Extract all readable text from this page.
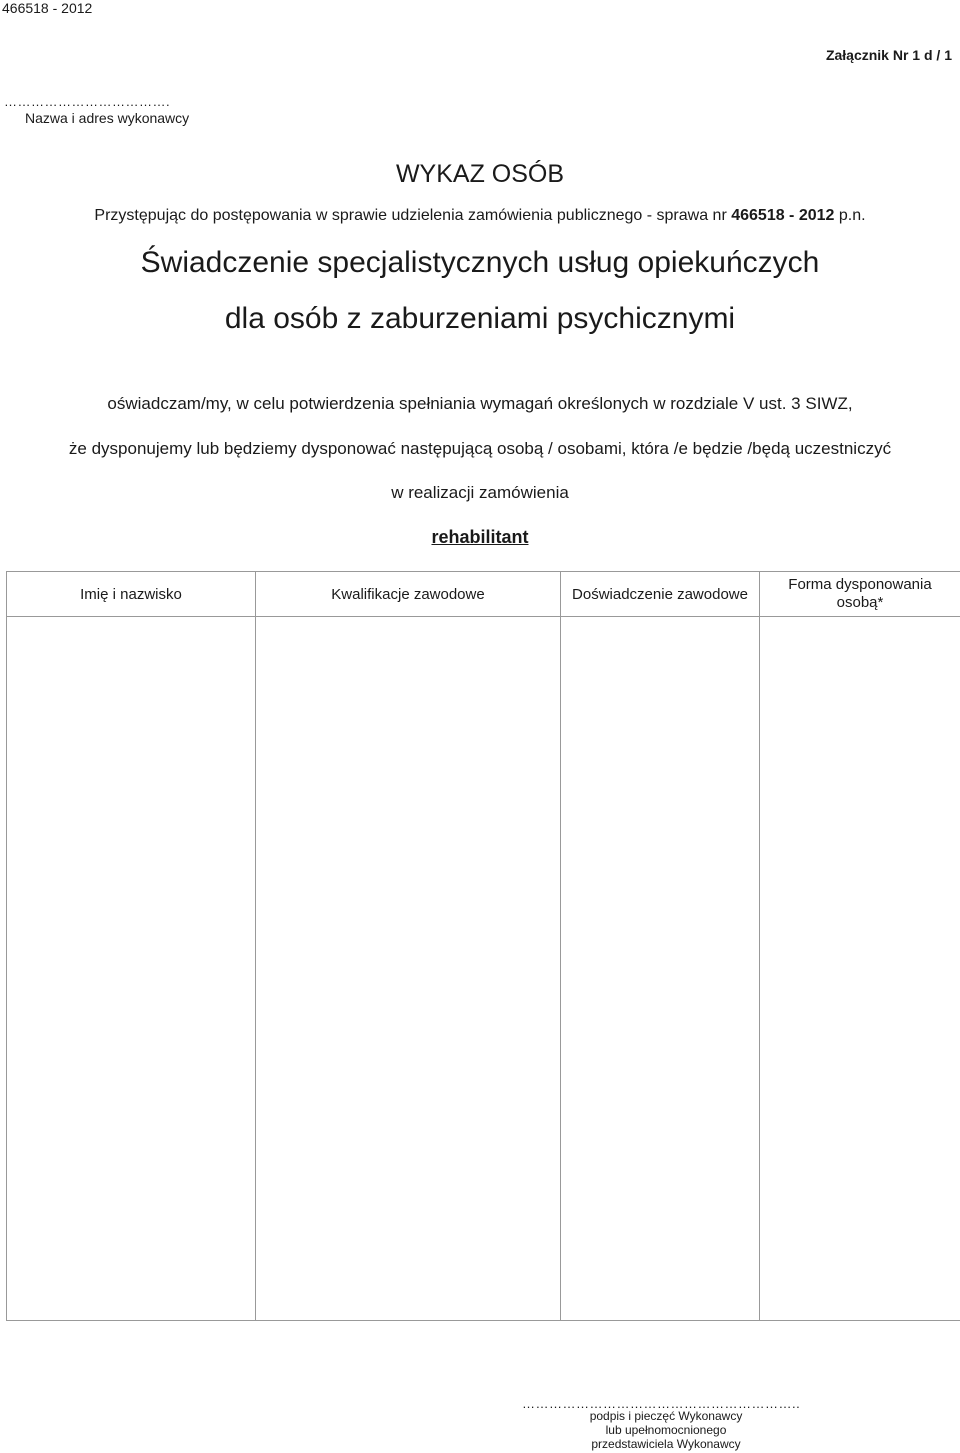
466518 - 2012
Załącznik Nr 1 d / 1
……………………………….
Nazwa i adres wykonawcy
WYKAZ OSÓB
Przystępując do postępowania w sprawie udzielenia zamówienia publicznego - sprawa nr 466518 - 2012 p.n.
Świadczenie specjalistycznych usług opiekuńczych
dla osób z zaburzeniami psychicznymi
oświadczam/my, w celu potwierdzenia spełniania wymagań określonych w rozdziale V ust. 3 SIWZ,
że dysponujemy lub będziemy dysponować następującą osobą / osobami, która /e będzie /będą uczestniczyć
w realizacji zamówienia
rehabilitant
Imię i nazwisko	Kwalifikacje zawodowe	Doświadczenie zawodowe	Forma dysponowania osobą*

……………………………………………………..
podpis i pieczęć Wykonawcy
lub upełnomocnionego
przedstawiciela Wykonawcy
